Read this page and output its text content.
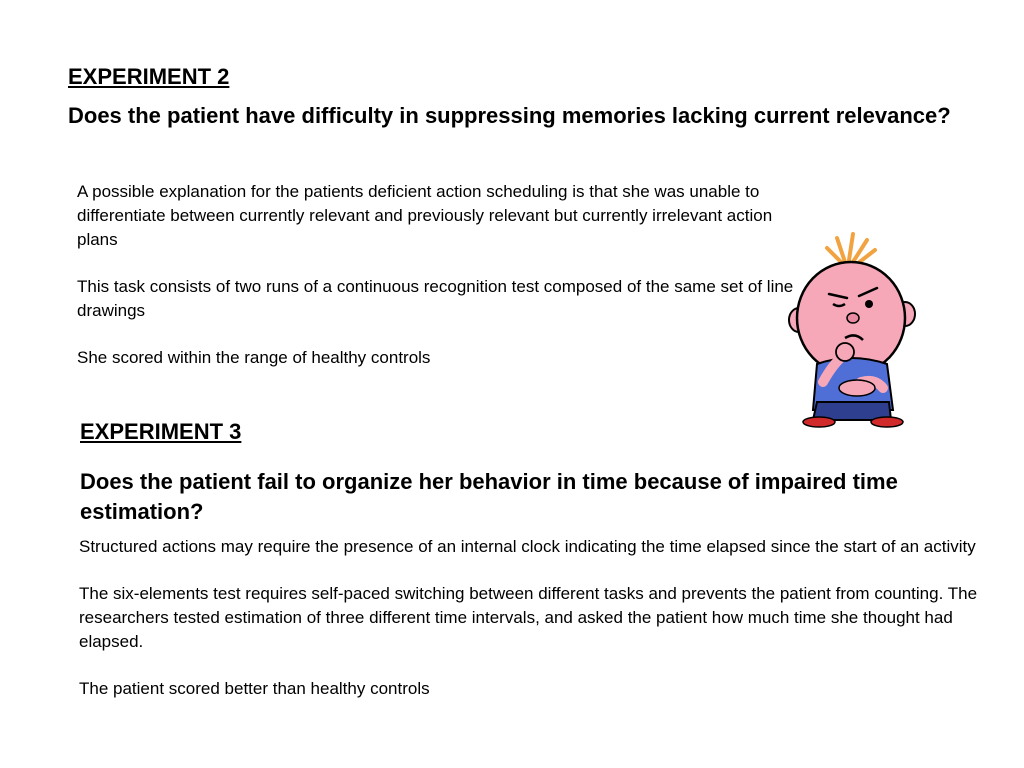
EXPERIMENT 2
Does the patient have difficulty in suppressing memories lacking current relevance?

A possible explanation for the patients deficient action scheduling is that she was unable to differentiate between currently relevant and previously relevant but currently irrelevant action plans

This task consists of two runs of a continuous recognition test composed of the same set of line drawings

She scored within the range of healthy controls

EXPERIMENT 3
Does the patient fail to organize her behavior in time because of impaired time estimation?

Structured actions may require the presence of an internal clock indicating the time elapsed since the start of an activity

The six-elements test requires self-paced switching between different tasks and prevents the patient from counting. The researchers tested estimation of three different time intervals, and asked the patient how much time she thought had elapsed.

The patient scored better than healthy controls
